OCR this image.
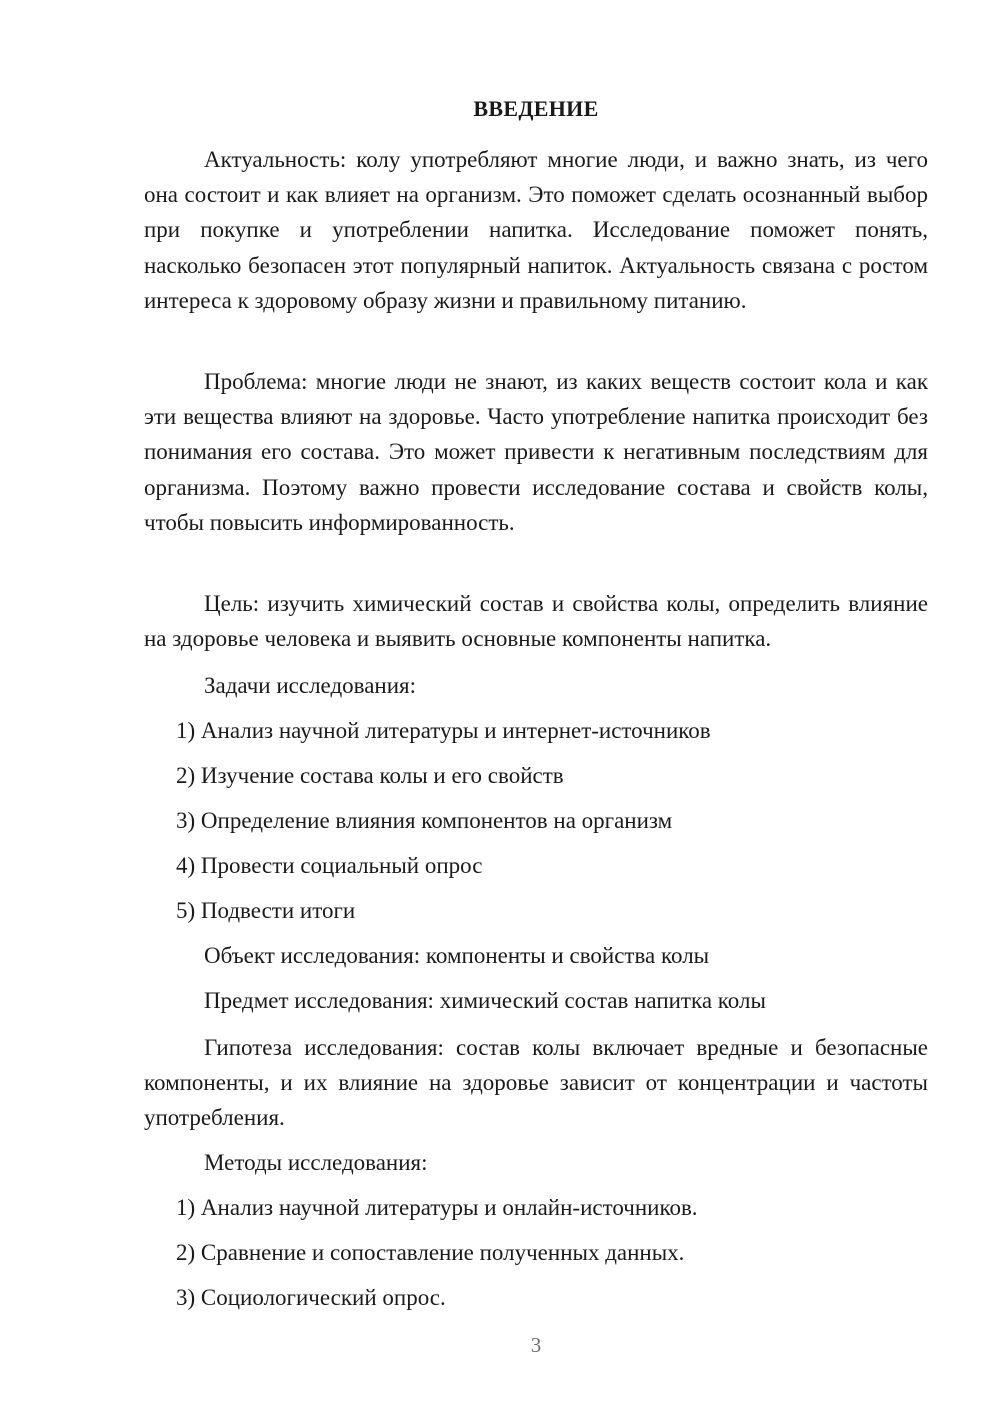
ВВЕДЕНИЕ
Актуальность: колу употребляют многие люди, и важно знать, из чего она состоит и как влияет на организм. Это поможет сделать осознанный выбор при покупке и употреблении напитка. Исследование поможет понять, насколько безопасен этот популярный напиток. Актуальность связана с ростом интереса к здоровому образу жизни и правильному питанию.
Проблема: многие люди не знают, из каких веществ состоит кола и как эти вещества влияют на здоровье. Часто употребление напитка происходит без понимания его состава. Это может привести к негативным последствиям для организма. Поэтому важно провести исследование состава и свойств колы, чтобы повысить информированность.
Цель: изучить химический состав и свойства колы, определить влияние на здоровье человека и выявить основные компоненты напитка.
Задачи исследования:
1) Анализ научной литературы и интернет-источников
2) Изучение состава колы и его свойств
3) Определение влияния компонентов на организм
4) Провести социальный опрос
5) Подвести итоги
Объект исследования: компоненты и свойства колы
Предмет исследования: химический состав напитка колы
Гипотеза исследования: состав колы включает вредные и безопасные компоненты, и их влияние на здоровье зависит от концентрации и частоты употребления.
Методы исследования:
1) Анализ научной литературы и онлайн-источников.
2) Сравнение и сопоставление полученных данных.
3) Социологический опрос.
3
